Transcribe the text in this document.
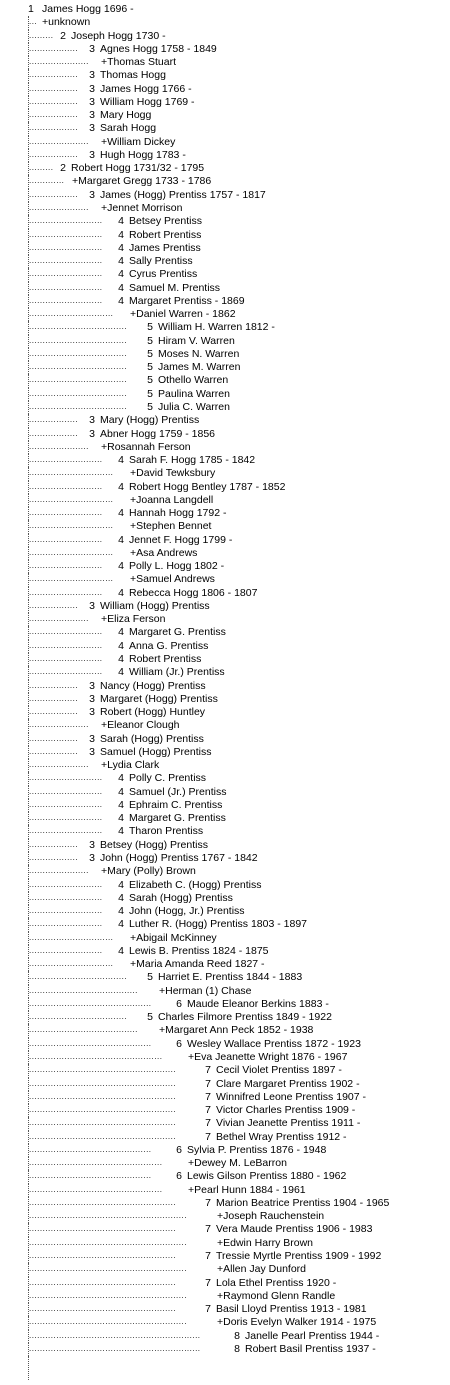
1 James Hogg 1696 -
... +unknown
......... 2 Joseph Hogg 1730 -
.................. 3 Agnes Hogg 1758 - 1849
...................... +Thomas Stuart
.................. 3 Thomas Hogg
.................. 3 James Hogg 1766 -
.................. 3 William Hogg 1769 -
.................. 3 Mary Hogg
.................. 3 Sarah Hogg
...................... +William Dickey
.................. 3 Hugh Hogg 1783 -
......... 2 Robert Hogg 1731/32 - 1795
............. +Margaret Gregg 1733 - 1786
.................. 3 James (Hogg) Prentiss 1757 - 1817
...................... +Jennet Morrison
........................... 4 Betsey Prentiss
........................... 4 Robert Prentiss
........................... 4 James Prentiss
........................... 4 Sally Prentiss
........................... 4 Cyrus Prentiss
........................... 4 Samuel M. Prentiss
........................... 4 Margaret Prentiss - 1869
............................... +Daniel Warren - 1862
.................................... 5 William H. Warren 1812 -
.................................... 5 Hiram V. Warren
.................................... 5 Moses N. Warren
.................................... 5 James M. Warren
.................................... 5 Othello Warren
.................................... 5 Paulina Warren
.................................... 5 Julia C. Warren
.................. 3 Mary (Hogg) Prentiss
.................. 3 Abner Hogg 1759 - 1856
...................... +Rosannah Ferson
........................... 4 Sarah F. Hogg 1785 - 1842
............................... +David Tewksbury
........................... 4 Robert Hogg Bentley 1787 - 1852
............................... +Joanna Langdell
........................... 4 Hannah Hogg 1792 -
............................... +Stephen Bennet
........................... 4 Jennet F. Hogg 1799 -
............................... +Asa Andrews
........................... 4 Polly L. Hogg 1802 -
............................... +Samuel Andrews
........................... 4 Rebecca Hogg 1806 - 1807
.................. 3 William (Hogg) Prentiss
...................... +Eliza Ferson
........................... 4 Margaret G. Prentiss
........................... 4 Anna G. Prentiss
........................... 4 Robert Prentiss
........................... 4 William (Jr.) Prentiss
.................. 3 Nancy (Hogg) Prentiss
.................. 3 Margaret (Hogg) Prentiss
.................. 3 Robert (Hogg) Huntley
...................... +Eleanor Clough
.................. 3 Sarah (Hogg) Prentiss
.................. 3 Samuel (Hogg) Prentiss
...................... +Lydia Clark
........................... 4 Polly C. Prentiss
........................... 4 Samuel (Jr.) Prentiss
........................... 4 Ephraim C. Prentiss
........................... 4 Margaret G. Prentiss
........................... 4 Tharon Prentiss
.................. 3 Betsey (Hogg) Prentiss
.................. 3 John (Hogg) Prentiss 1767 - 1842
...................... +Mary (Polly) Brown
........................... 4 Elizabeth C. (Hogg) Prentiss
........................... 4 Sarah (Hogg) Prentiss
........................... 4 John (Hogg, Jr.) Prentiss
........................... 4 Luther R. (Hogg) Prentiss 1803 - 1897
............................... +Abigail McKinney
........................... 4 Lewis B. Prentiss 1824 - 1875
............................... +Maria Amanda Reed 1827 -
.................................... 5 Harriet E. Prentiss 1844 - 1883
........................................ +Herman (1) Chase
............................................. 6 Maude Eleanor Berkins 1883 -
.................................... 5 Charles Filmore Prentiss 1849 - 1922
........................................ +Margaret Ann Peck 1852 - 1938
............................................. 6 Wesley Wallace Prentiss 1872 - 1923
................................................. +Eva Jeanette Wright 1876 - 1967
......................................................	7 Cecil Violet Prentiss 1897 -
......................................................	7 Clare Margaret Prentiss 1902 -
......................................................	7 Winnifred Leone Prentiss 1907 -
......................................................	7 Victor Charles Prentiss 1909 -
......................................................	7 Vivian Jeanette Prentiss 1911 -
......................................................	7 Bethel Wray Prentiss 1912 -
............................................. 6 Sylvia P. Prentiss 1876 - 1948
................................................. +Dewey M. LeBarron
............................................. 6 Lewis Gilson Prentiss 1880 - 1962
................................................. +Pearl Hunn 1884 - 1961
......................................................	7 Marion Beatrice Prentiss 1904 - 1965
..........................................................	+Joseph Rauchenstein
......................................................	7 Vera Maude Prentiss 1906 - 1983
..........................................................	+Edwin Harry Brown
......................................................	7 Tressie Myrtle Prentiss 1909 - 1992
..........................................................	+Allen Jay Dunford
......................................................	7 Lola Ethel Prentiss 1920 -
..........................................................	+Raymond Glenn Randle
......................................................	7 Basil Lloyd Prentiss 1913 - 1981
..........................................................	+Doris Evelyn Walker 1914 - 1975
...............................................................	8 Janelle Pearl Prentiss 1944 -
...............................................................	8 Robert Basil Prentiss 1937 -
